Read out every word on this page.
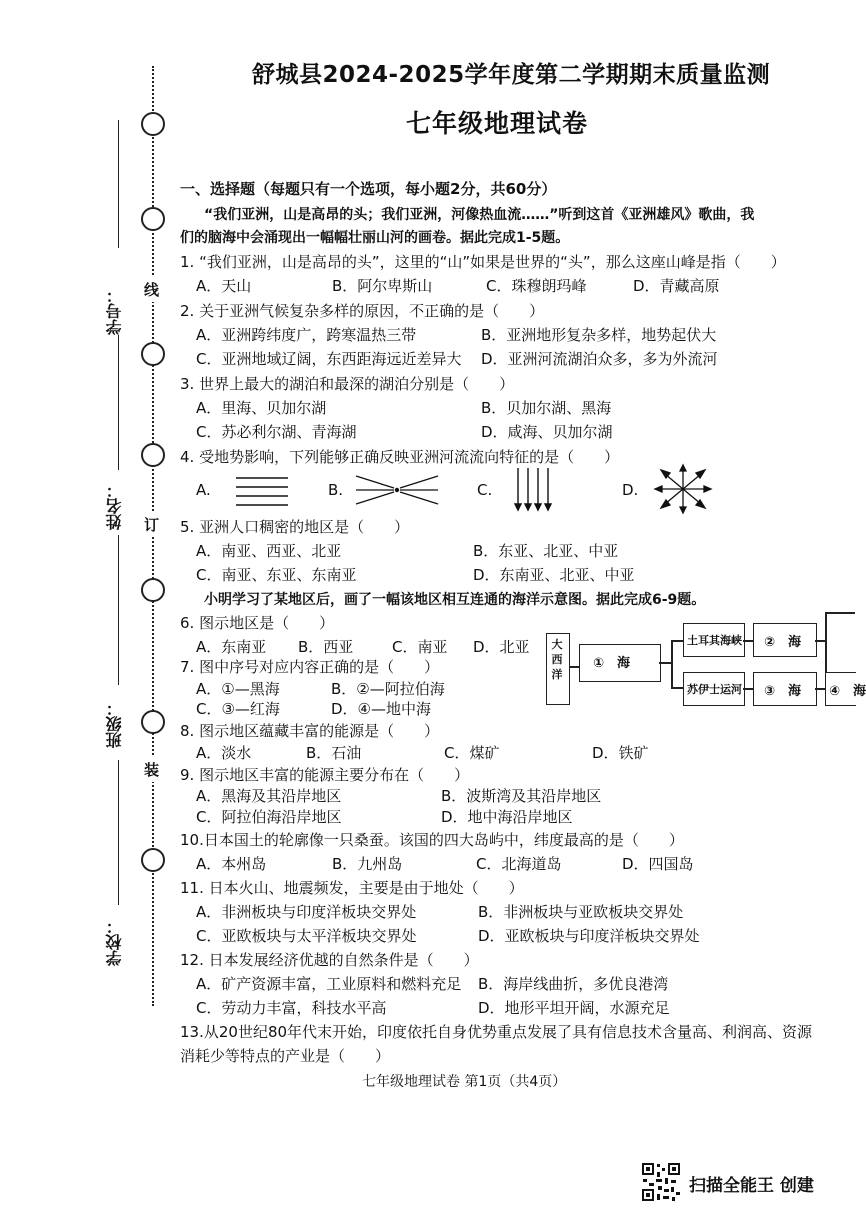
线
订
装
学号：
姓名：
班级：
学校：
舒城县2024-2025学年度第二学期期末质量监测
七年级地理试卷
一、选择题（每题只有一个选项，每小题2分，共60分）
“我们亚洲，山是高昂的头；我们亚洲，河像热血流……”听到这首《亚洲雄风》歌曲，我
们的脑海中会涌现出一幅幅壮丽山河的画卷。据此完成1-5题。
1. “我们亚洲，山是高昂的头”，这里的“山”如果是世界的“头”，那么这座山峰是指（　　）
A．天山	B．阿尔卑斯山	C．珠穆朗玛峰	D．青藏高原
2. 关于亚洲气候复杂多样的原因，不正确的是（　　）
A．亚洲跨纬度广，跨寒温热三带	B．亚洲地形复杂多样，地势起伏大
C．亚洲地域辽阔，东西距海远近差异大 D．亚洲河流湖泊众多，多为外流河
3. 世界上最大的湖泊和最深的湖泊分别是（　　）
A．里海、贝加尔湖	B．贝加尔湖、黑海
C．苏必利尔湖、青海湖	D．咸海、贝加尔湖
4. 受地势影响，下列能够正确反映亚洲河流流向特征的是（　　）
A.	B.	C.	D.
5. 亚洲人口稠密的地区是（　　）
A．南亚、西亚、北亚	B．东亚、北亚、中亚
C．南亚、东亚、东南亚	D．东南亚、北亚、中亚
小明学习了某地区后，画了一幅该地区相互连通的海洋示意图。据此完成6-9题。
6. 图示地区是（　　）
A．东南亚 B．西亚	C．南亚 D．北亚
7. 图中序号对应内容正确的是（　　）
A．①—黑海	B．②—阿拉伯海
C．③—红海	D．④—地中海
大西洋
①　海
土耳其海峡 ②　海
苏伊士运河 ③　海 ④　海
8. 图示地区蕴藏丰富的能源是（　　）
A．淡水	B．石油	C．煤矿	D．铁矿
9. 图示地区丰富的能源主要分布在（　　）
A．黑海及其沿岸地区	B．波斯湾及其沿岸地区
C．阿拉伯海沿岸地区	D．地中海沿岸地区
10.日本国土的轮廓像一只桑蚕。该国的四大岛屿中，纬度最高的是（　　）
A．本州岛	B．九州岛	C．北海道岛	D．四国岛
11. 日本火山、地震频发，主要是由于地处（　　）
A．非洲板块与印度洋板块交界处	B．非洲板块与亚欧板块交界处
C．亚欧板块与太平洋板块交界处	D．亚欧板块与印度洋板块交界处
12. 日本发展经济优越的自然条件是（　　）
A．矿产资源丰富，工业原料和燃料充足 B．海岸线曲折，多优良港湾
C．劳动力丰富，科技水平高	D．地形平坦开阔，水源充足
13.从20世纪80年代末开始，印度依托自身优势重点发展了具有信息技术含量高、利润高、资源
消耗少等特点的产业是（　　）
七年级地理试卷 第1页（共4页）
扫描全能王 创建
